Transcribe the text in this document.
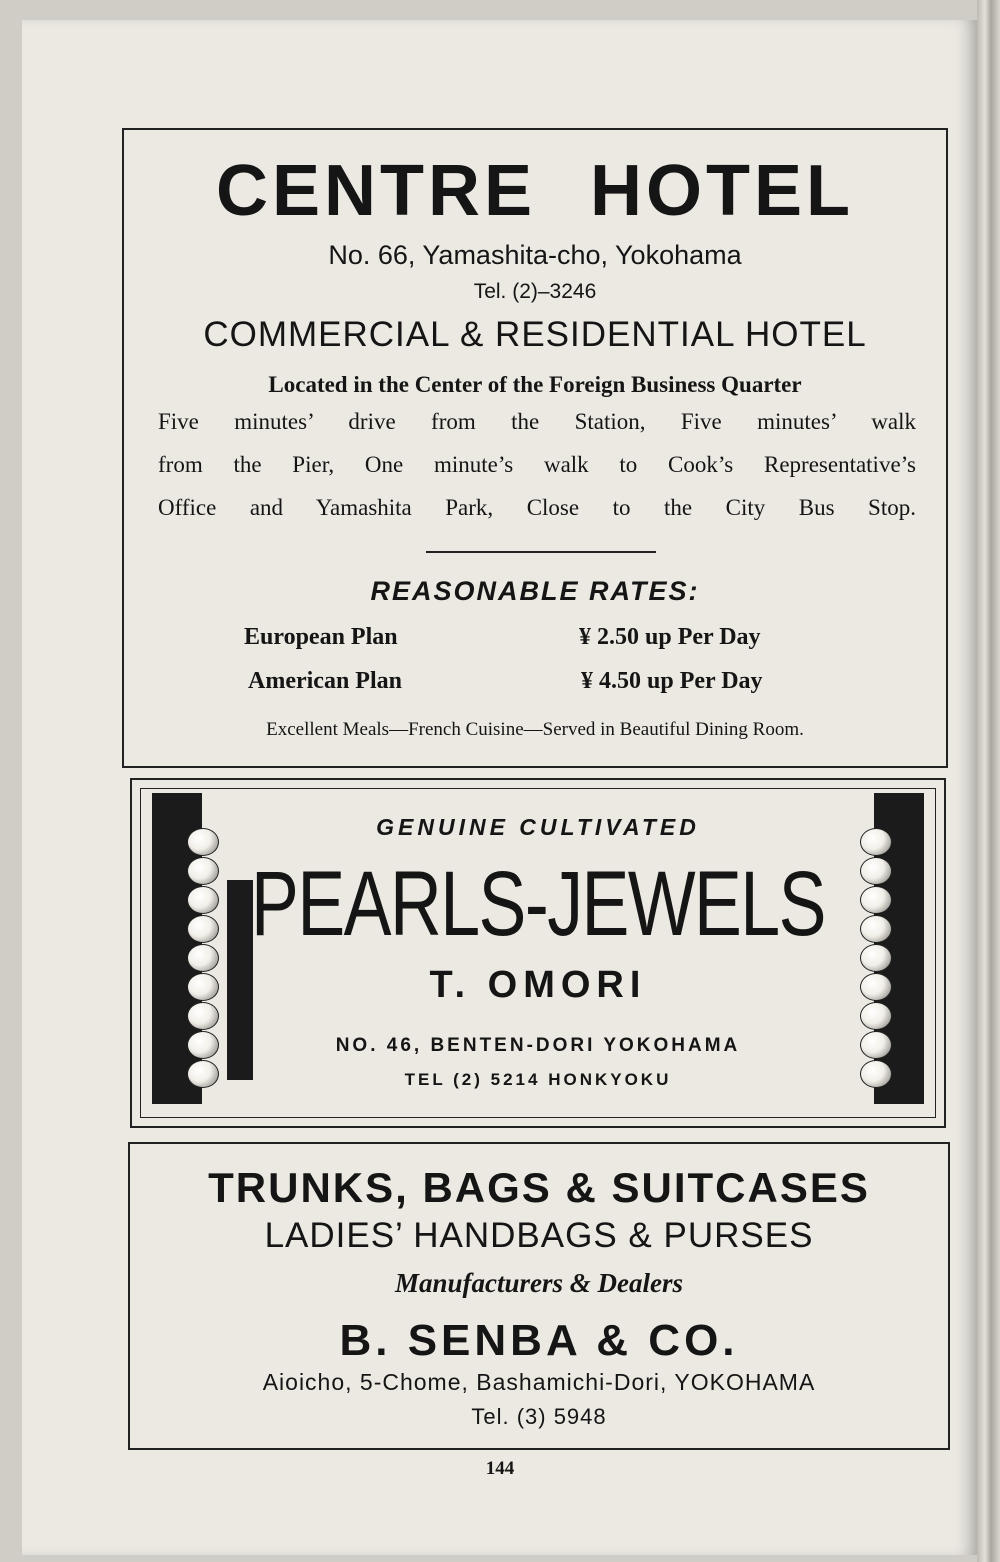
CENTRE HOTEL
No. 66, Yamashita-cho, Yokohama
Tel. (2)–3246
COMMERCIAL & RESIDENTIAL HOTEL
Located in the Center of the Foreign Business Quarter
Five minutes’ drive from the Station, Five minutes’ walk
from the Pier, One minute’s walk to Cook’s Representative’s
Office and Yamashita Park, Close to the City Bus Stop.
REASONABLE RATES:
European Plan	¥ 2.50 up Per Day
American Plan	¥ 4.50 up Per Day
Excellent Meals—French Cuisine—Served in Beautiful Dining Room.
GENUINE CULTIVATED
PEARLS-JEWELS
T. OMORI
NO. 46, BENTEN-DORI YOKOHAMA
TEL (2) 5214 HONKYOKU
TRUNKS, BAGS & SUITCASES
LADIES’ HANDBAGS & PURSES
Manufacturers & Dealers
B. SENBA & CO.
Aioicho, 5-Chome, Bashamichi-Dori, YOKOHAMA
Tel. (3) 5948
144
